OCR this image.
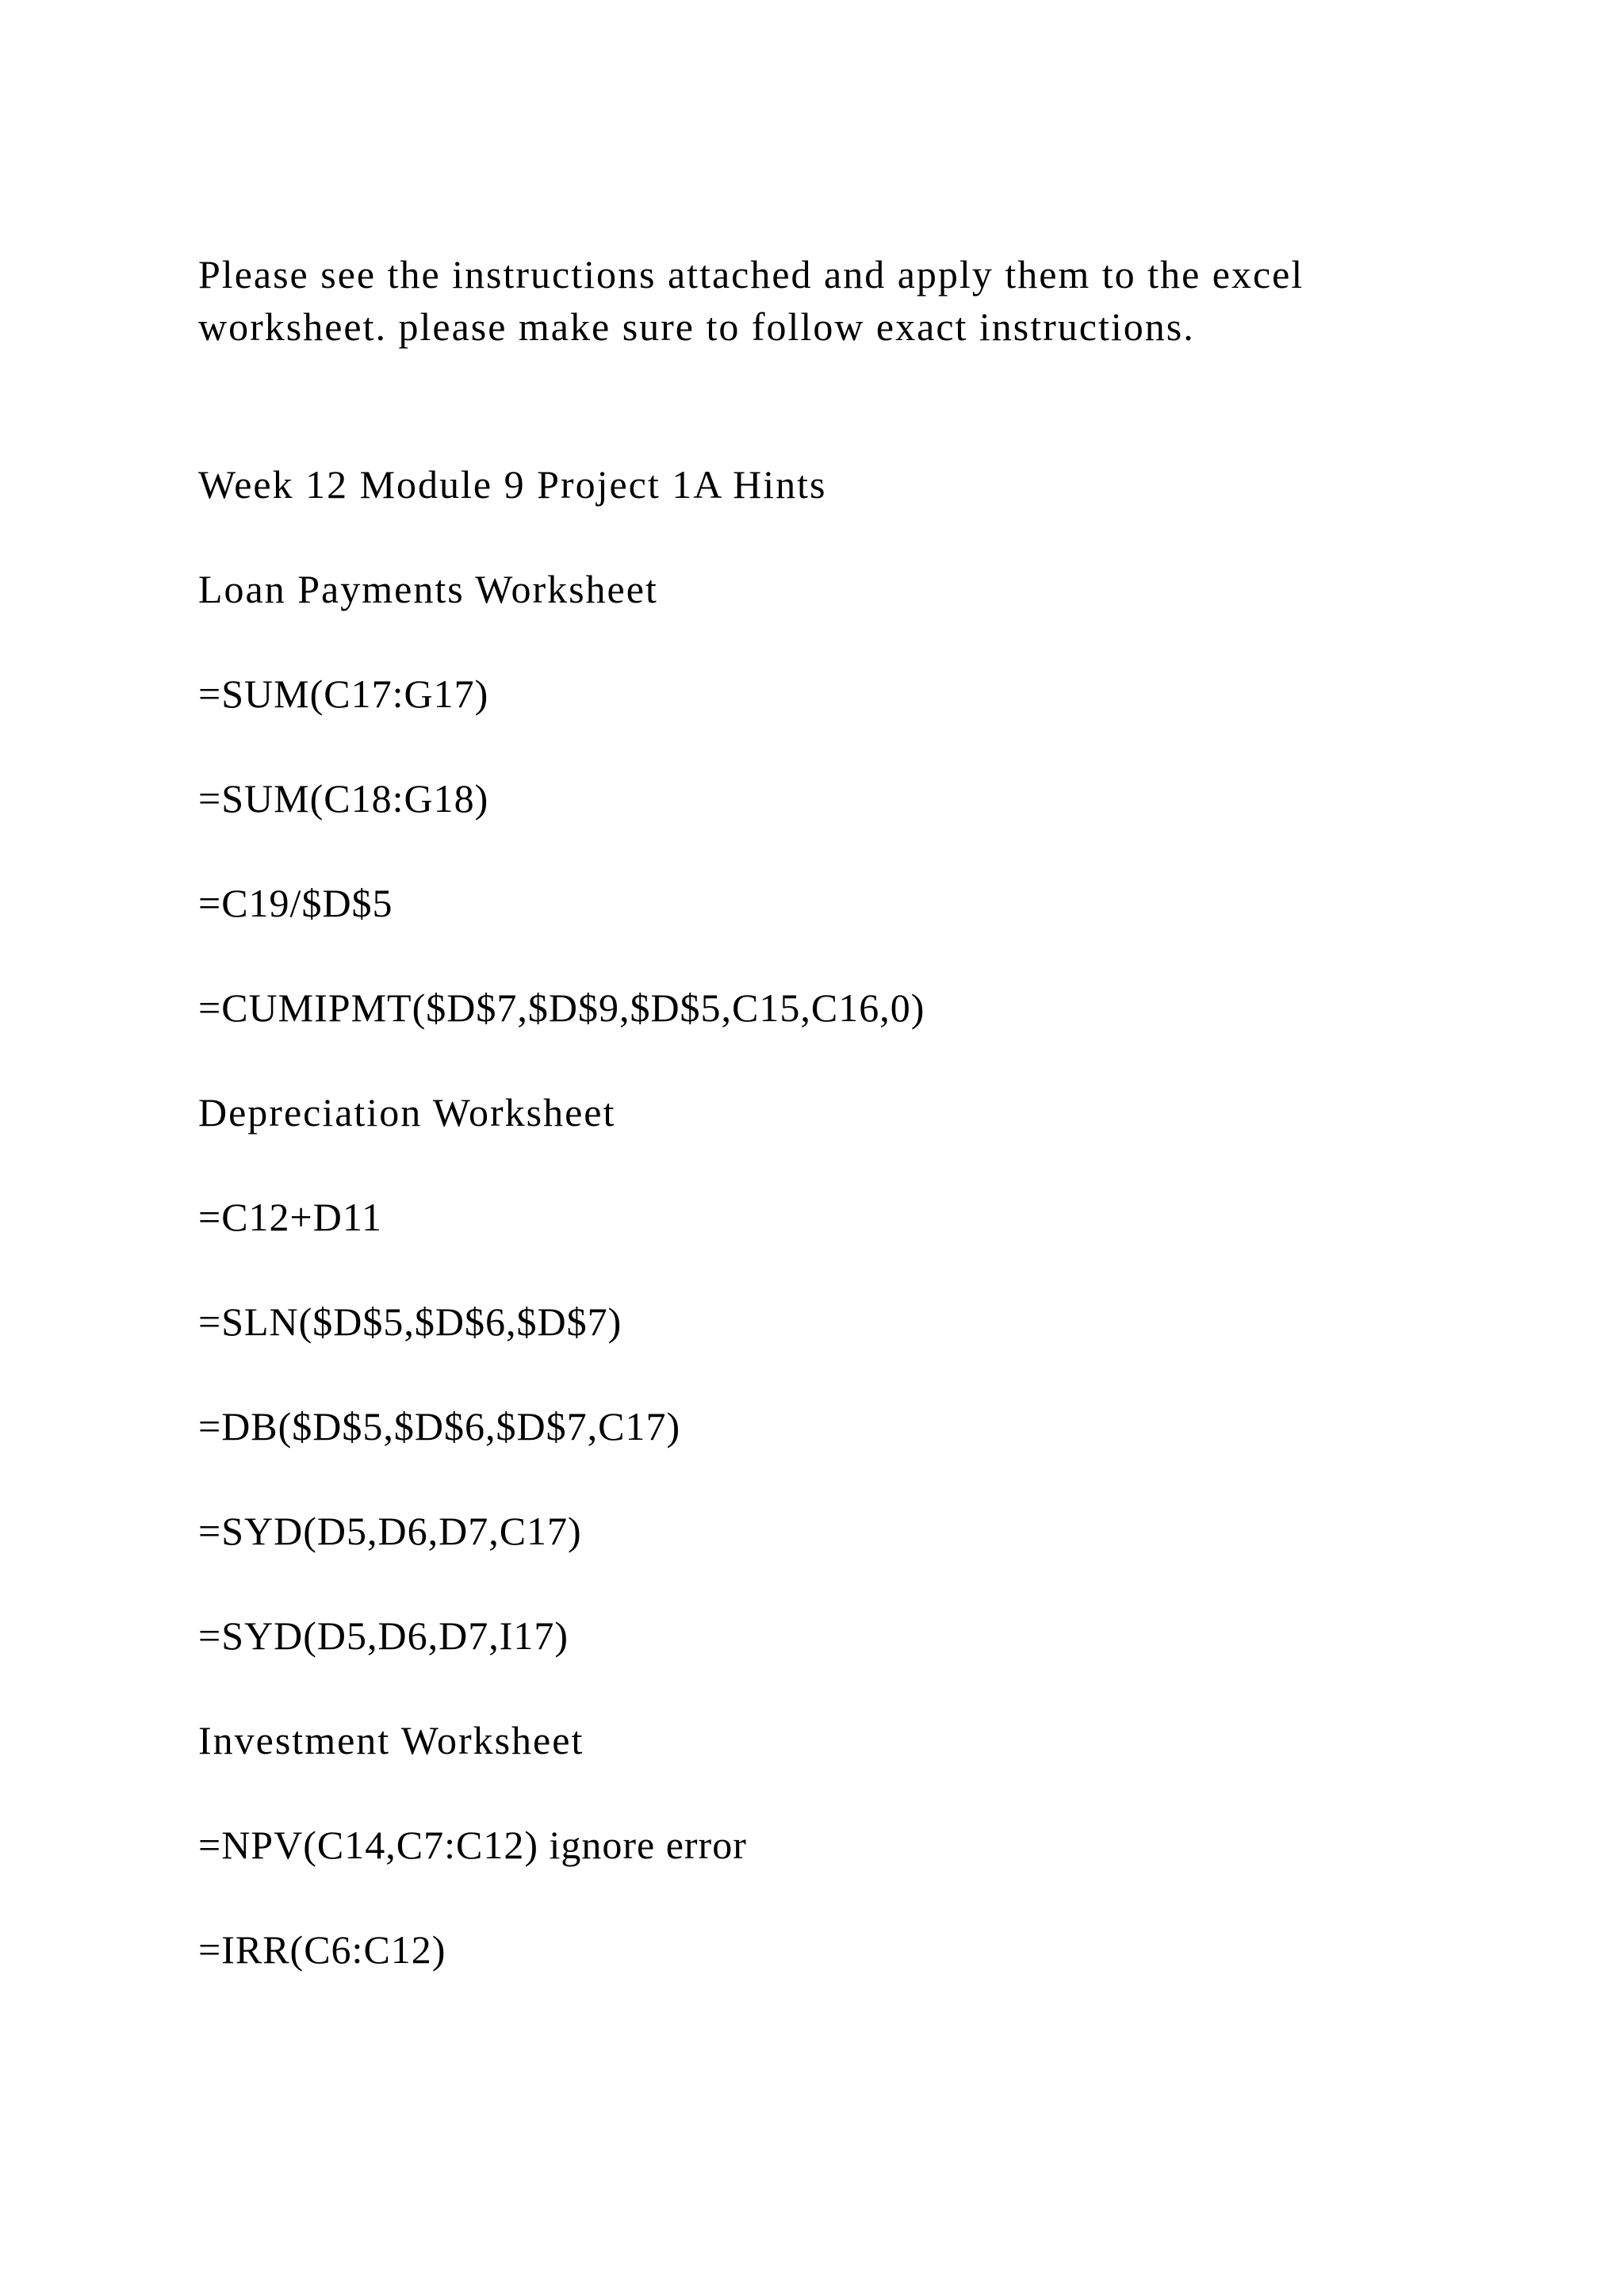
Please see the instructions attached and apply them to the excel
worksheet. please make sure to follow exact instructions.
Week 12 Module 9 Project 1A Hints
Loan Payments Worksheet
=SUM(C17:G17)
=SUM(C18:G18)
=C19/$D$5
=CUMIPMT($D$7,$D$9,$D$5,C15,C16,0)
Depreciation Worksheet
=C12+D11
=SLN($D$5,$D$6,$D$7)
=DB($D$5,$D$6,$D$7,C17)
=SYD(D5,D6,D7,C17)
=SYD(D5,D6,D7,I17)
Investment Worksheet
=NPV(C14,C7:C12) ignore error
=IRR(C6:C12)
